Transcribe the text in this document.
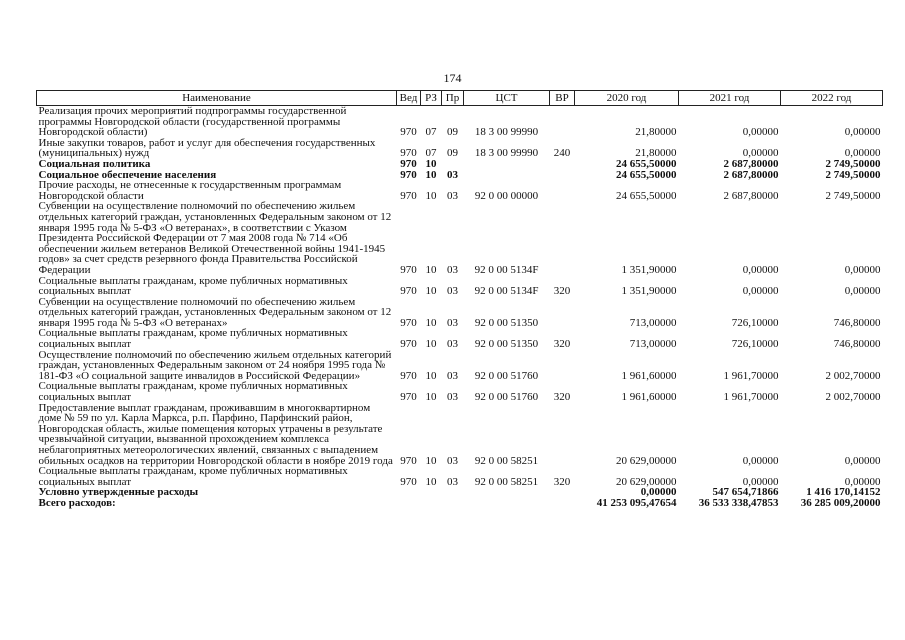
174
Наименование	Вед	РЗ	Пр	ЦСТ	ВР	2020 год	2021 год	2022 год
Реализация прочих мероприятий подпрограммы государственной программы Новгородской области (государственной программы Новгородской области)	970	07	09	18 3 00 99990		21,80000	0,00000	0,00000
Иные закупки товаров, работ и услуг для обеспечения государственных (муниципальных) нужд	970	07	09	18 3 00 99990	240	21,80000	0,00000	0,00000
Социальная политика	970	10				24 655,50000	2 687,80000	2 749,50000
Социальное обеспечение населения	970	10	03			24 655,50000	2 687,80000	2 749,50000
Прочие расходы, не отнесенные к государственным программам Новгородской области	970	10	03	92 0 00 00000		24 655,50000	2 687,80000	2 749,50000
Субвенции на осуществление полномочий по обеспечению жильем отдельных категорий граждан, установленных Федеральным законом от 12 января 1995 года № 5-ФЗ «О ветеранах», в соответствии с Указом Президента Российской Федерации от 7 мая 2008 года № 714 «Об обеспечении жильем ветеранов Великой Отечественной войны 1941-1945 годов» за счет средств резервного фонда Правительства Российской Федерации	970	10	03	92 0 00 5134F		1 351,90000	0,00000	0,00000
Социальные выплаты гражданам, кроме публичных нормативных социальных выплат	970	10	03	92 0 00 5134F	320	1 351,90000	0,00000	0,00000
Субвенции на осуществление полномочий по обеспечению жильем отдельных категорий граждан, установленных Федеральным законом от 12 января 1995 года № 5-ФЗ «О ветеранах»	970	10	03	92 0 00 51350		713,00000	726,10000	746,80000
Социальные выплаты гражданам, кроме публичных нормативных социальных выплат	970	10	03	92 0 00 51350	320	713,00000	726,10000	746,80000
Осуществление полномочий по обеспечению жильем отдельных категорий граждан, установленных Федеральным законом от 24 ноября 1995 года № 181-ФЗ «О социальной защите инвалидов в Российской Федерации»	970	10	03	92 0 00 51760		1 961,60000	1 961,70000	2 002,70000
Социальные выплаты гражданам, кроме публичных нормативных социальных выплат	970	10	03	92 0 00 51760	320	1 961,60000	1 961,70000	2 002,70000
Предоставление выплат гражданам, проживавшим в многоквартирном доме № 59 по ул. Карла Маркса, р.п. Парфино, Парфинский район, Новгородская область, жилые помещения которых утрачены в результате чрезвычайной ситуации, вызванной прохождением комплекса неблагоприятных метеорологических явлений, связанных с выпадением обильных осадков на территории Новгородской области в ноябре 2019 года	970	10	03	92 0 00 58251		20 629,00000	0,00000	0,00000
Социальные выплаты гражданам, кроме публичных нормативных социальных выплат	970	10	03	92 0 00 58251	320	20 629,00000	0,00000	0,00000
Условно утвержденные расходы						0,00000	547 654,71866	1 416 170,14152
Всего расходов:						41 253 095,47654	36 533 338,47853	36 285 009,20000
